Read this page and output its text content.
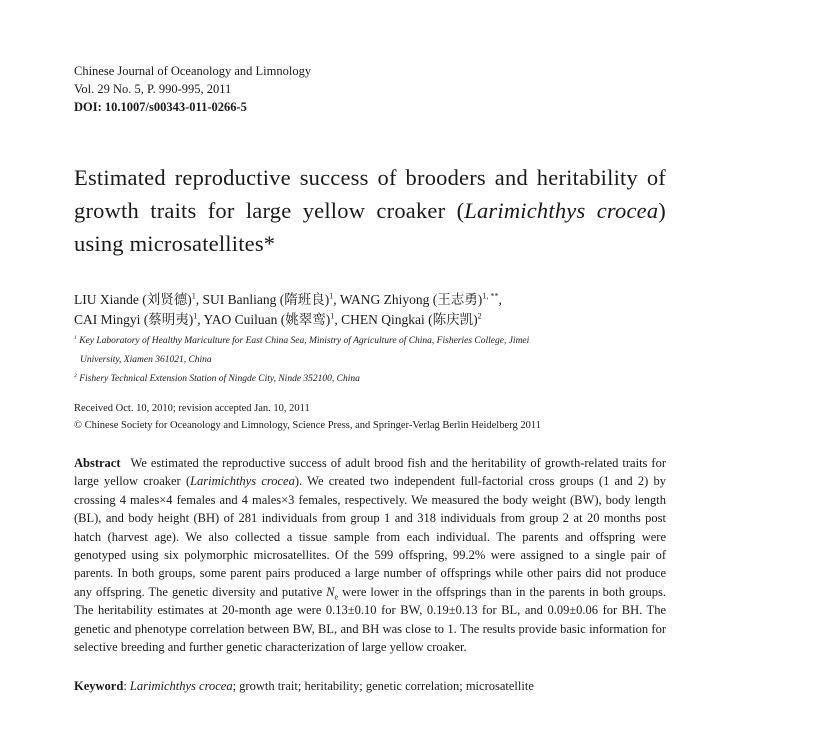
Chinese Journal of Oceanology and Limnology
Vol. 29 No. 5, P. 990-995, 2011
DOI: 10.1007/s00343-011-0266-5
Estimated reproductive success of brooders and heritability of growth traits for large yellow croaker (Larimichthys crocea) using microsatellites*
LIU Xiande (刘贤德)$^1$, SUI Banliang (隋班良)$^1$, WANG Zhiyong (王志勇)$^{1, **}$,
CAI Mingyi (蔡明夷)$^1$, YAO Cuiluan (姚翠鸾)$^1$, CHEN Qingkai (陈庆凯)$^2$
$^1$ Key Laboratory of Healthy Mariculture for East China Sea, Ministry of Agriculture of China, Fisheries College, Jimei
University, Xiamen 361021, China
$^2$ Fishery Technical Extension Station of Ningde City, Ninde 352100, China
Received Oct. 10, 2010; revision accepted Jan. 10, 2011
© Chinese Society for Oceanology and Limnology, Science Press, and Springer-Verlag Berlin Heidelberg 2011
Abstract We estimated the reproductive success of adult brood fish and the heritability of growth-related traits for large yellow croaker (Larimichthys crocea). We created two independent full-factorial cross groups (1 and 2) by crossing 4 males×4 females and 4 males×3 females, respectively. We measured the body weight (BW), body length (BL), and body height (BH) of 281 individuals from group 1 and 318 individuals from group 2 at 20 months post hatch (harvest age). We also collected a tissue sample from each individual. The parents and offspring were genotyped using six polymorphic microsatellites. Of the 599 offspring, 99.2% were assigned to a single pair of parents. In both groups, some parent pairs produced a large number of offsprings while other pairs did not produce any offspring. The genetic diversity and putative $N_e$ were lower in the offsprings than in the parents in both groups. The heritability estimates at 20-month age were 0.13±0.10 for BW, 0.19±0.13 for BL, and 0.09±0.06 for BH. The genetic and phenotype correlation between BW, BL, and BH was close to 1. The results provide basic information for selective breeding and further genetic characterization of large yellow croaker.
Keyword: Larimichthys crocea; growth trait; heritability; genetic correlation; microsatellite
